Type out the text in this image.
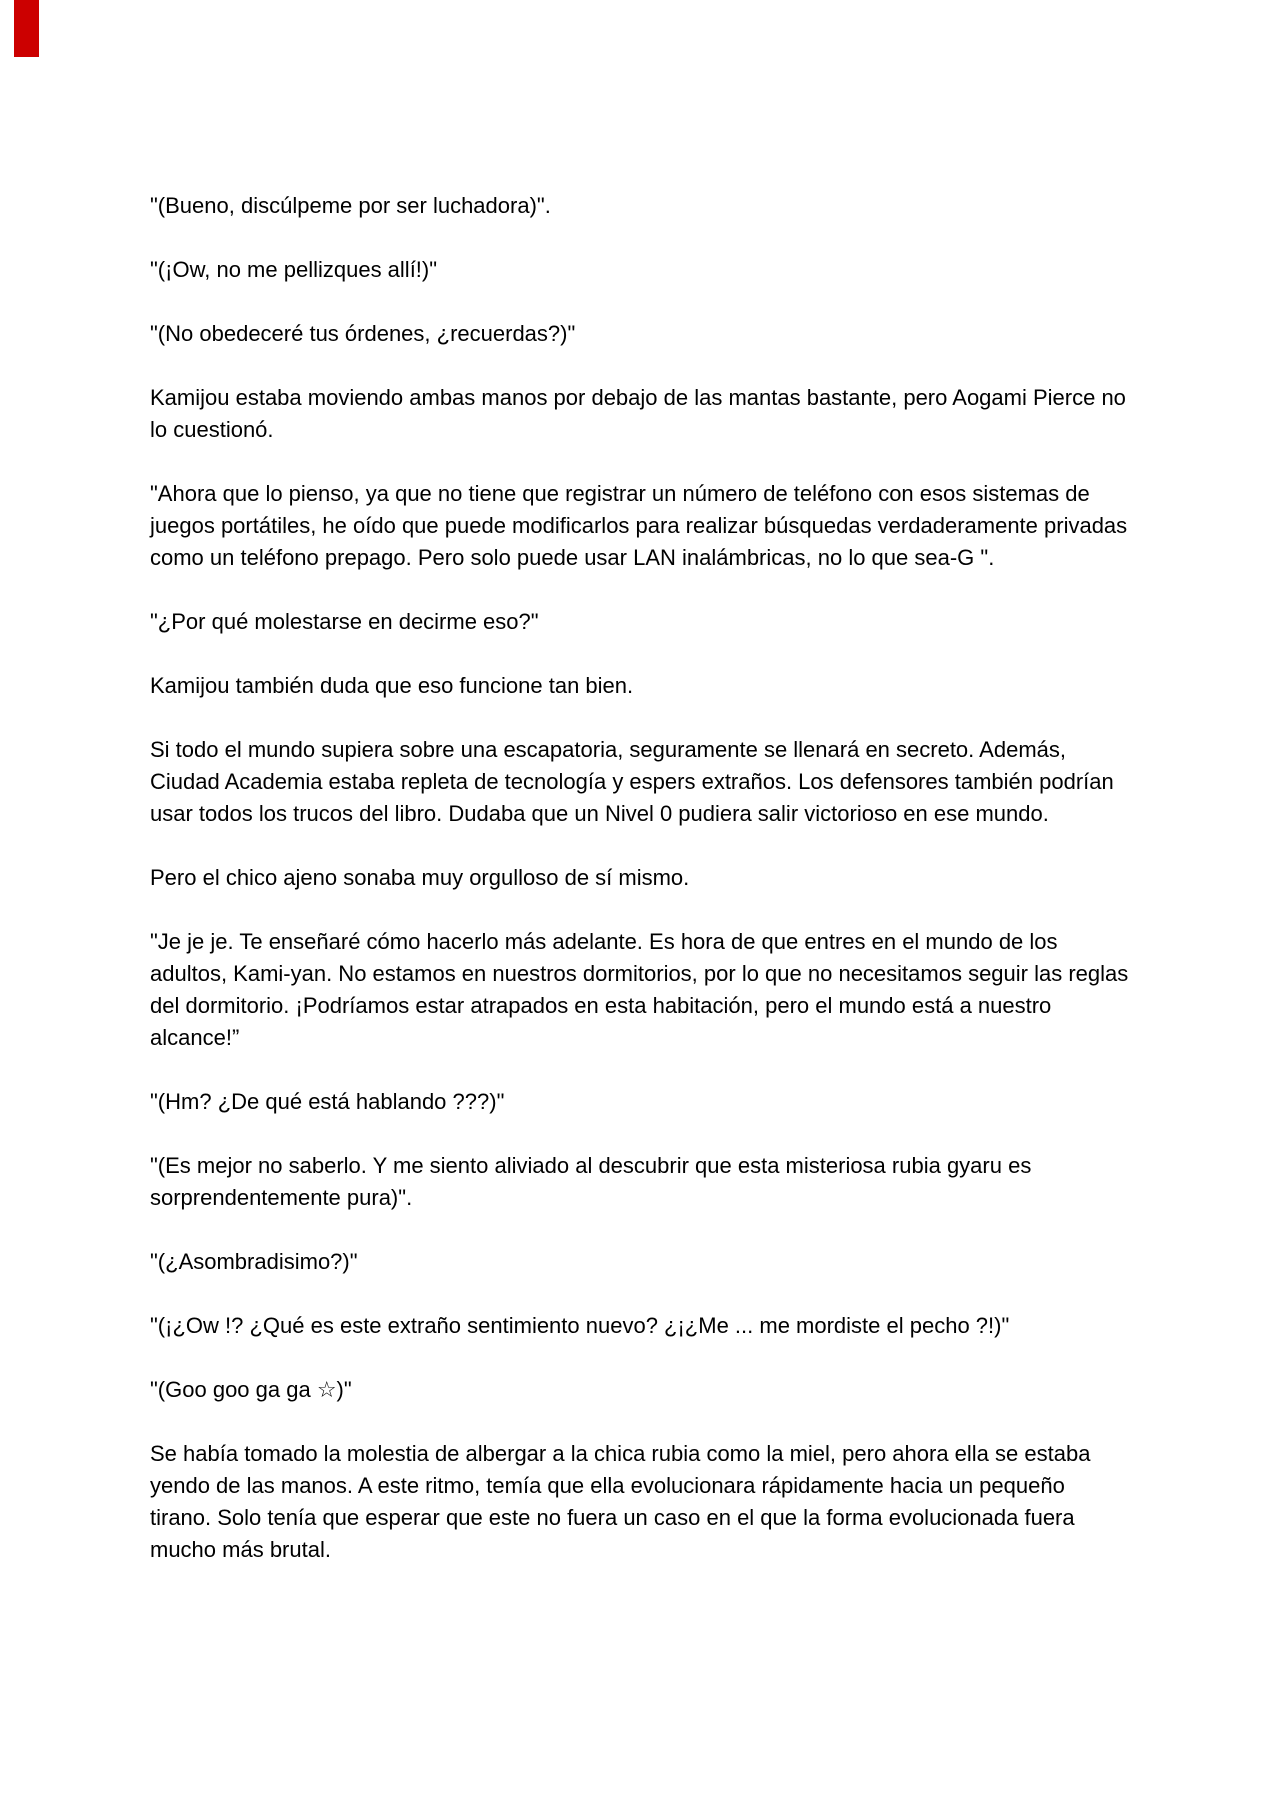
"(Bueno, discúlpeme por ser luchadora)".

"(¡Ow, no me pellizques allí!)"

"(No obedeceré tus órdenes, ¿recuerdas?)"

Kamijou estaba moviendo ambas manos por debajo de las mantas bastante, pero Aogami Pierce no lo cuestionó.

"Ahora que lo pienso, ya que no tiene que registrar un número de teléfono con esos sistemas de juegos portátiles, he oído que puede modificarlos para realizar búsquedas verdaderamente privadas como un teléfono prepago. Pero solo puede usar LAN inalámbricas, no lo que sea-G ".

"¿Por qué molestarse en decirme eso?"

Kamijou también duda que eso funcione tan bien.

Si todo el mundo supiera sobre una escapatoria, seguramente se llenará en secreto. Además, Ciudad Academia estaba repleta de tecnología y espers extraños. Los defensores también podrían usar todos los trucos del libro. Dudaba que un Nivel 0 pudiera salir victorioso en ese mundo.

Pero el chico ajeno sonaba muy orgulloso de sí mismo.

"Je je je. Te enseñaré cómo hacerlo más adelante. Es hora de que entres en el mundo de los adultos, Kami-yan. No estamos en nuestros dormitorios, por lo que no necesitamos seguir las reglas del dormitorio. ¡Podríamos estar atrapados en esta habitación, pero el mundo está a nuestro alcance!”

"(Hm? ¿De qué está hablando ???)"

"(Es mejor no saberlo. Y me siento aliviado al descubrir que esta misteriosa rubia gyaru es sorprendentemente pura)".

"(¿Asombradisimo?)"

"(¡¿Ow !? ¿Qué es este extraño sentimiento nuevo? ¿¡¿Me ... me mordiste el pecho ?!)"

"(Goo goo ga ga ☆)"

Se había tomado la molestia de albergar a la chica rubia como la miel, pero ahora ella se estaba yendo de las manos. A este ritmo, temía que ella evolucionara rápidamente hacia un pequeño tirano. Solo tenía que esperar que este no fuera un caso en el que la forma evolucionada fuera mucho más brutal.
